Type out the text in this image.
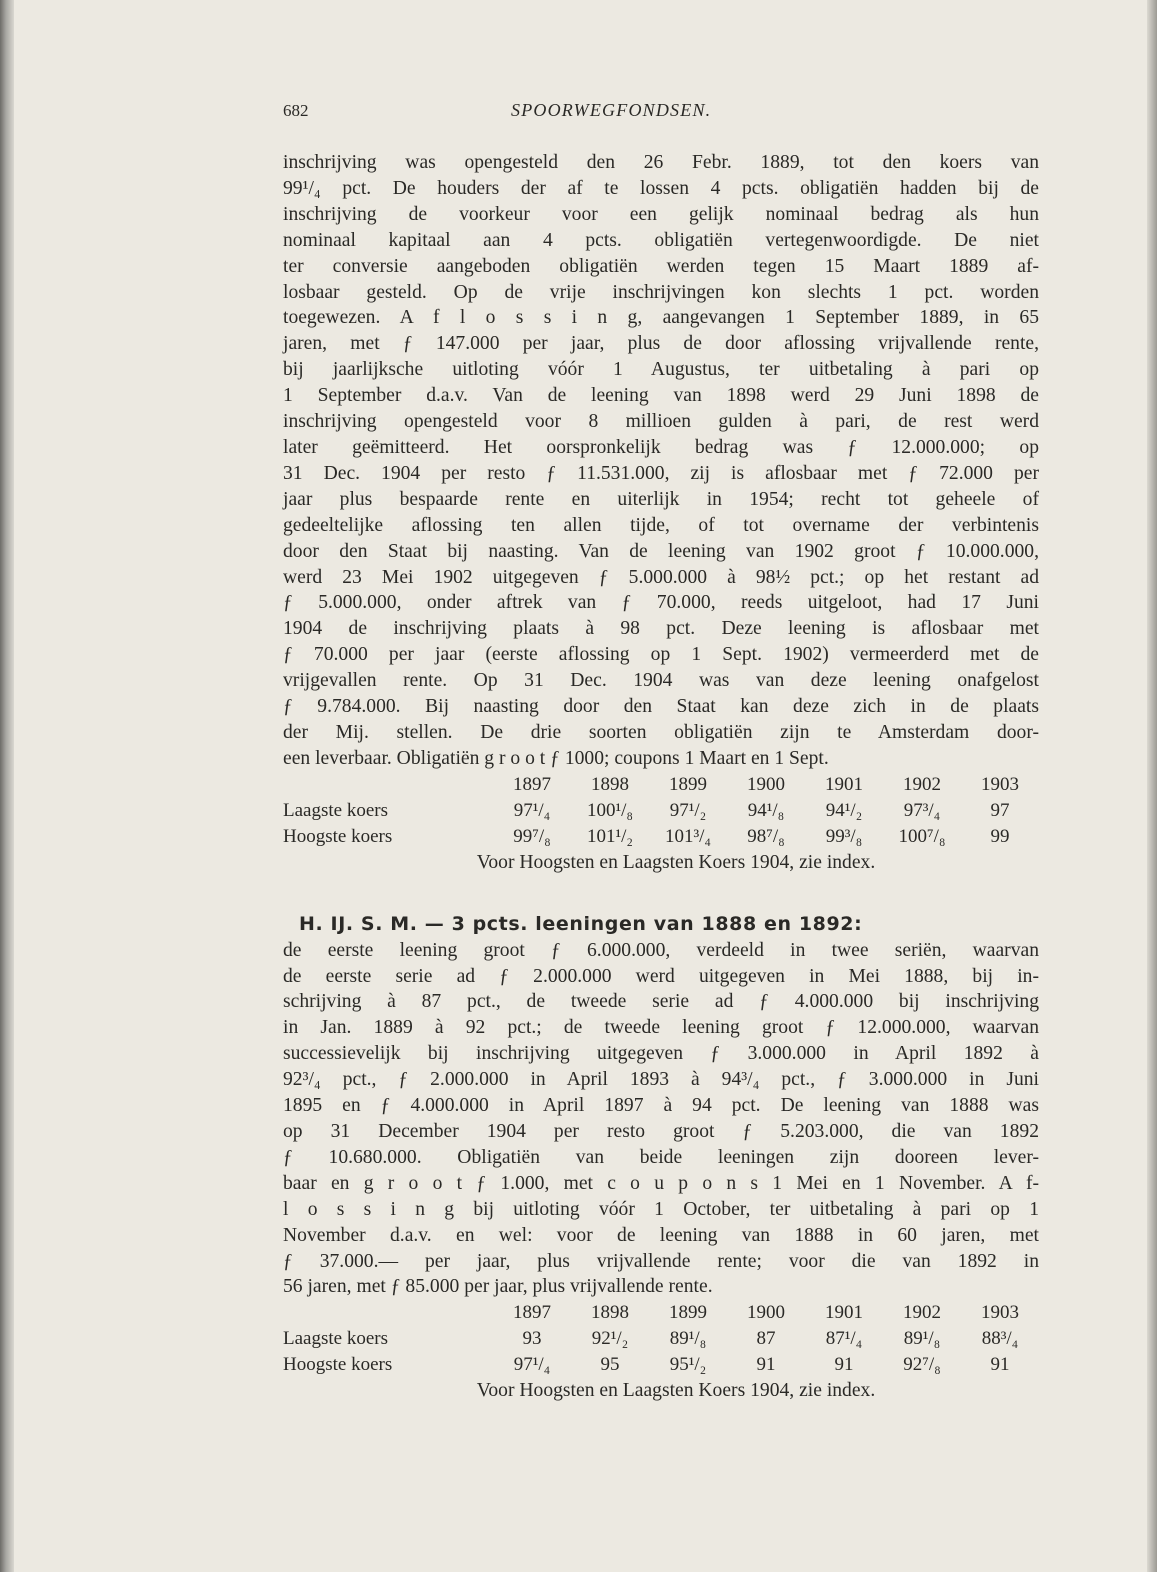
682	SPOORWEGFONDSEN.
inschrijving was opengesteld den 26 Febr. 1889, tot den koers van
99¹/₄ pct. De houders der af te lossen 4 pcts. obligatiën hadden bij de
inschrijving de voorkeur voor een gelijk nominaal bedrag als hun
nominaal kapitaal aan 4 pcts. obligatiën vertegenwoordigde. De niet
ter conversie aangeboden obligatiën werden tegen 15 Maart 1889 af-
losbaar gesteld. Op de vrije inschrijvingen kon slechts 1 pct. worden
toegewezen. A f l o s s i n g, aangevangen 1 September 1889, in 65
jaren, met ƒ 147.000 per jaar, plus de door aflossing vrijvallende rente,
bij jaarlijksche uitloting vóór 1 Augustus, ter uitbetaling à pari op
1 September d.a.v. Van de leening van 1898 werd 29 Juni 1898 de
inschrijving opengesteld voor 8 millioen gulden à pari, de rest werd
later geëmitteerd. Het oorspronkelijk bedrag was ƒ 12.000.000; op
31 Dec. 1904 per resto ƒ 11.531.000, zij is aflosbaar met ƒ 72.000 per
jaar plus bespaarde rente en uiterlijk in 1954; recht tot geheele of
gedeeltelijke aflossing ten allen tijde, of tot overname der verbintenis
door den Staat bij naasting. Van de leening van 1902 groot ƒ 10.000.000,
werd 23 Mei 1902 uitgegeven ƒ 5.000.000 à 98½ pct.; op het restant ad
ƒ 5.000.000, onder aftrek van ƒ 70.000, reeds uitgeloot, had 17 Juni
1904 de inschrijving plaats à 98 pct. Deze leening is aflosbaar met
ƒ 70.000 per jaar (eerste aflossing op 1 Sept. 1902) vermeerderd met de
vrijgevallen rente. Op 31 Dec. 1904 was van deze leening onafgelost
ƒ 9.784.000. Bij naasting door den Staat kan deze zich in de plaats
der Mij. stellen. De drie soorten obligatiën zijn te Amsterdam door-
een leverbaar. Obligatiën g r o o t ƒ 1000; coupons 1 Maart en 1 Sept.
	1897	1898	1899	1900	1901	1902	1903
Laagste koers	97¹/₄	100¹/₈	97¹/₂	94¹/₈	94¹/₂	97³/₄	97
Hoogste koers	99⁷/₈	101¹/₂	101³/₄	98⁷/₈	99³/₈	100⁷/₈	99
Voor Hoogsten en Laagsten Koers 1904, zie index.
H. IJ. S. M. — 3 pcts. leeningen van 1888 en 1892:
de eerste leening groot ƒ 6.000.000, verdeeld in twee seriën, waarvan
de eerste serie ad ƒ 2.000.000 werd uitgegeven in Mei 1888, bij in-
schrijving à 87 pct., de tweede serie ad ƒ 4.000.000 bij inschrijving
in Jan. 1889 à 92 pct.; de tweede leening groot ƒ 12.000.000, waarvan
successievelijk bij inschrijving uitgegeven ƒ 3.000.000 in April 1892 à
92³/₄ pct., ƒ 2.000.000 in April 1893 à 94³/₄ pct., ƒ 3.000.000 in Juni
1895 en ƒ 4.000.000 in April 1897 à 94 pct. De leening van 1888 was
op 31 December 1904 per resto groot ƒ 5.203.000, die van 1892
ƒ 10.680.000. Obligatiën van beide leeningen zijn dooreen lever-
baar en g r o o t ƒ 1.000, met c o u p o n s 1 Mei en 1 November. A f-
l o s s i n g bij uitloting vóór 1 October, ter uitbetaling à pari op 1
November d.a.v. en wel: voor de leening van 1888 in 60 jaren, met
ƒ 37.000.— per jaar, plus vrijvallende rente; voor die van 1892 in
56 jaren, met ƒ 85.000 per jaar, plus vrijvallende rente.
	1897	1898	1899	1900	1901	1902	1903
Laagste koers	93	92¹/₂	89¹/₈	87	87¹/₄	89¹/₈	88³/₄
Hoogste koers	97¹/₄	95	95¹/₂	91	91	92⁷/₈	91
Voor Hoogsten en Laagsten Koers 1904, zie index.
